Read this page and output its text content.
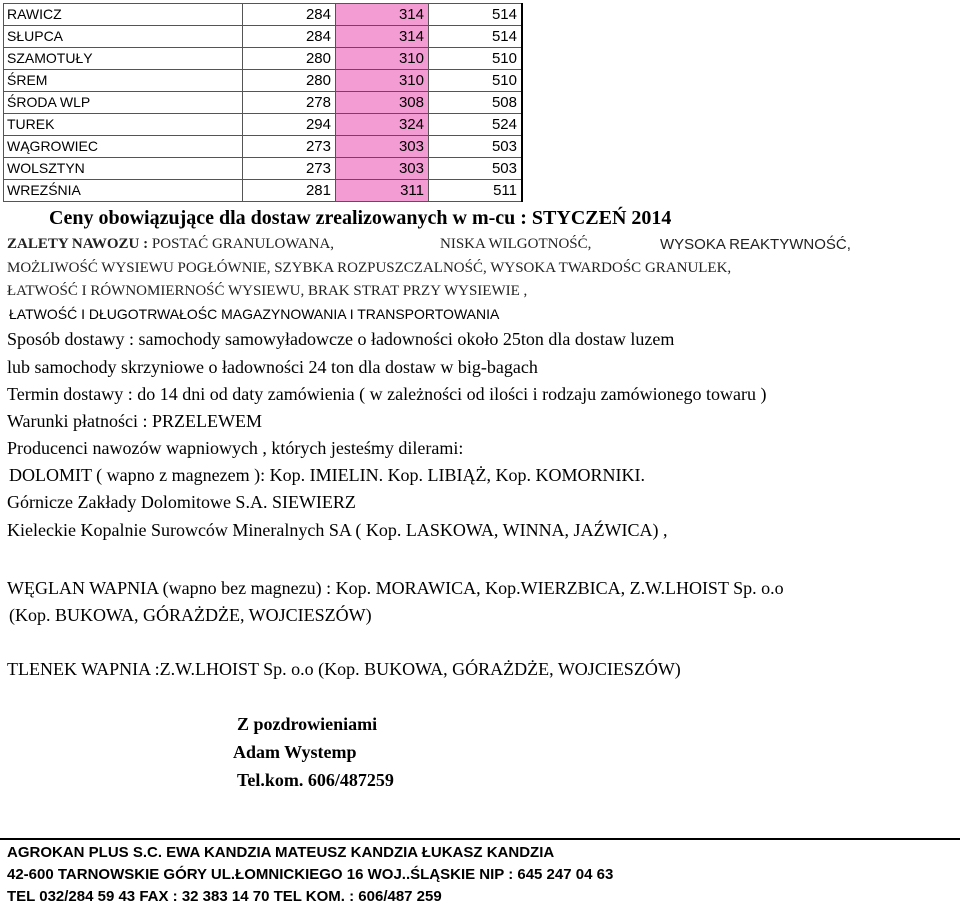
RAWICZ	284	314	514
SŁUPCA	284	314	514
SZAMOTUŁY	280	310	510
ŚREM	280	310	510
ŚRODA WLP	278	308	508
TUREK	294	324	524
WĄGROWIEC	273	303	503
WOLSZTYN	273	303	503
WREZŚNIA	281	311	511
Ceny obowiązujące dla dostaw zrealizowanych w m-cu : STYCZEŃ 2014
ZALETY NAWOZU : POSTAĆ GRANULOWANA,	NISKA WILGOTNOŚĆ,	WYSOKA REAKTYWNOŚĆ,
MOŻLIWOŚĆ WYSIEWU POGŁÓWNIE, SZYBKA ROZPUSZCZALNOŚĆ, WYSOKA TWARDOŚC GRANULEK,
ŁATWOŚĆ I RÓWNOMIERNOŚĆ WYSIEWU, BRAK STRAT PRZY WYSIEWIE ,
ŁATWOŚĆ I DŁUGOTRWAŁOŚC MAGAZYNOWANIA I TRANSPORTOWANIA
Sposób dostawy : samochody samowyładowcze o ładowności około 25ton dla dostaw luzem
lub samochody skrzyniowe o ładowności 24 ton dla dostaw w big-bagach
Termin dostawy : do 14 dni od daty zamówienia ( w zależności od ilości i rodzaju zamówionego towaru )
Warunki płatności : PRZELEWEM
Producenci nawozów wapniowych , których jesteśmy dilerami:
DOLOMIT ( wapno z magnezem ): Kop. IMIELIN. Kop. LIBIĄŻ, Kop. KOMORNIKI.
Górnicze Zakłady Dolomitowe S.A. SIEWIERZ
Kieleckie Kopalnie Surowców Mineralnych SA ( Kop. LASKOWA, WINNA, JAŹWICA) ,
WĘGLAN WAPNIA (wapno bez magnezu) : Kop. MORAWICA, Kop.WIERZBICA, Z.W.LHOIST Sp. o.o
(Kop. BUKOWA, GÓRAŻDŻE, WOJCIESZÓW)
TLENEK WAPNIA :Z.W.LHOIST Sp. o.o (Kop. BUKOWA, GÓRAŻDŻE, WOJCIESZÓW)
Z pozdrowieniami
Adam Wystemp
Tel.kom. 606/487259
AGROKAN PLUS S.C. EWA KANDZIA MATEUSZ KANDZIA ŁUKASZ KANDZIA
42-600 TARNOWSKIE GÓRY UL.ŁOMNICKIEGO 16 WOJ..ŚLĄSKIE NIP : 645 247 04 63
TEL 032/284 59 43 FAX : 32 383 14 70 TEL KOM. : 606/487 259
